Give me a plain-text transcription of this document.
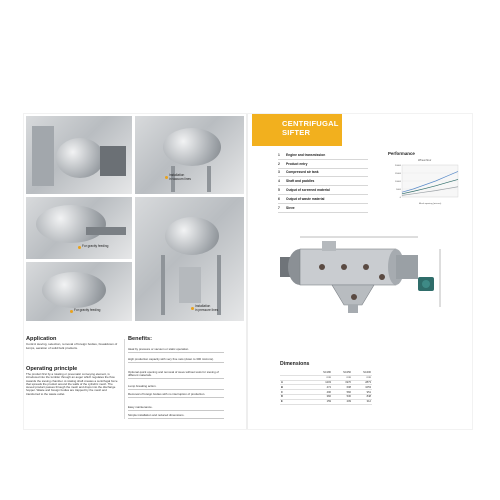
Installation
in vacuum lines
For gravity feeding
Installation
in pressure lines
For gravity feeding
Application
Control sieving, selection, removal of foreign bodies, breakdown of lumps, aeration of solid bulk products.
Operating principle
The product first by a rotating or pneumatic conveying element, is introduced into the tumbler through an auger which regulates the flow towards the sieving chamber. A rotating shaft creates a centrifugal force that spreads the product around the walls of the cylindric mesh. The sieved product passes through the mesh and drops into the discharge hopper. Waste and foreign bodies are trapped by the mesh and transferred to the waste outlet.
Benefits:
Ideal by pressure or vacuum or static operation.
High production capacity with very fine nets (down to 300 microns).
Optional quick opening and removal of sieve without tools for sieving of different materials.
Lump breaking action.
Removal of foreign bodies with no interruption of production.
Easy maintenance.
Simple installation and reduced dimensions.
CENTRIFUGAL
SIFTER
1	Engine and transmission
2	Product entry
3	Compressed air tank
4	Shaft and paddles
5	Output of screened material
6	Output of waste material
7	Sieve
Performance
Wheat flour
20000
15000
10000
5000
0
Mesh opening (micron)
Dimensions
	SC180	SC250	SC400
	mm	mm	mm
A	1203	1970	2873
B	474	608	1053
C	496	582	951
D	382	530	848
E	159	209	312
